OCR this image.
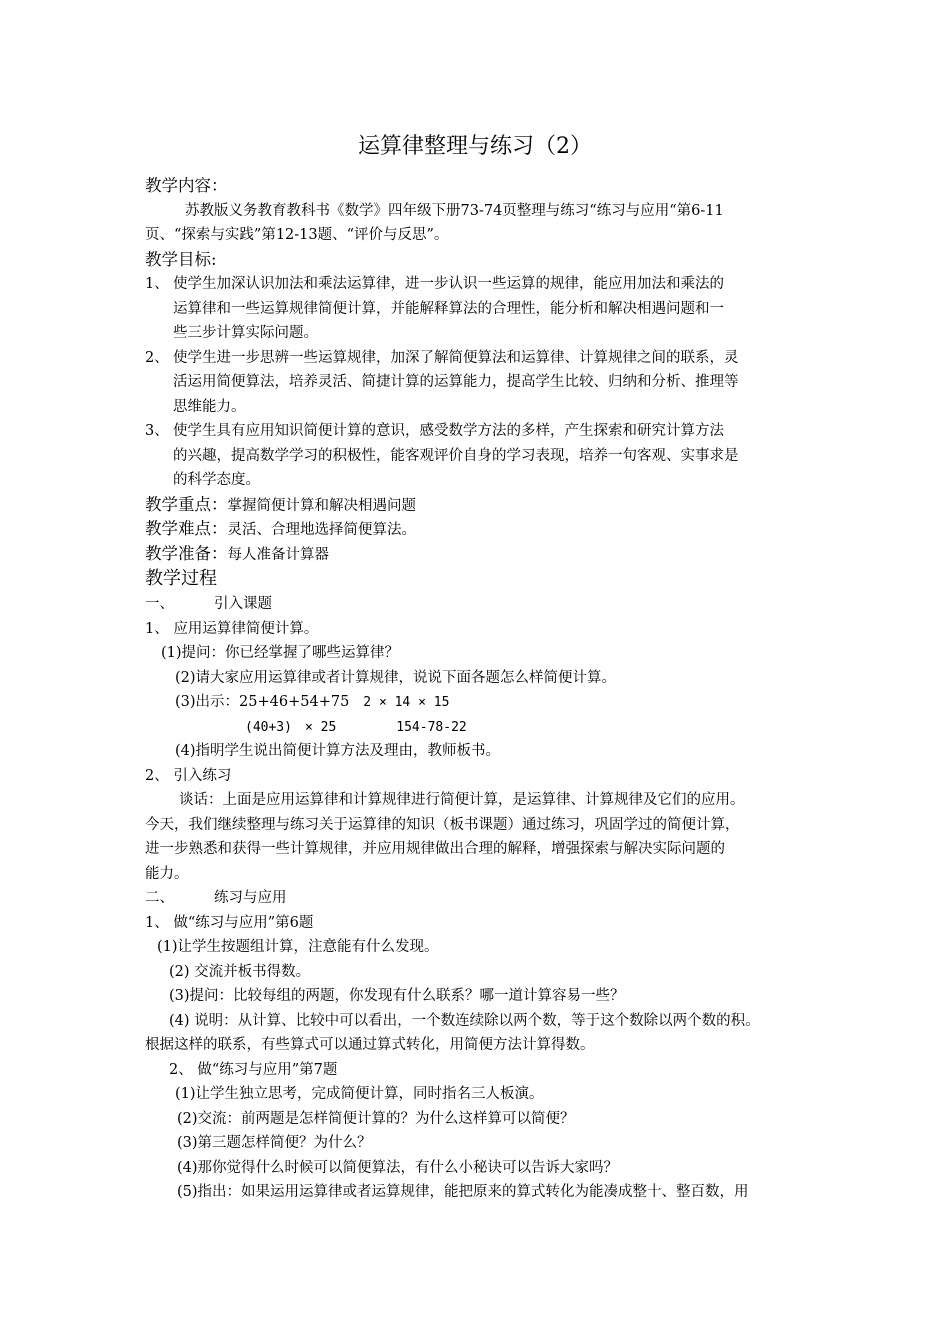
运算律整理与练习（2）
教学内容：
苏教版义务教育教科书《数学》四年级下册73-74页整理与练习“练习与应用“第6-11
页、“探索与实践”第12-13题、“评价与反思”。
教学目标:
1、 使学生加深认识加法和乘法运算律，进一步认识一些运算的规律，能应用加法和乘法的
运算律和一些运算规律简便计算，并能解释算法的合理性，能分析和解决相遇问题和一
些三步计算实际问题。
2、 使学生进一步思辨一些运算规律，加深了解简便算法和运算律、计算规律之间的联系，灵
活运用简便算法，培养灵活、简捷计算的运算能力，提高学生比较、归纳和分析、推理等
思维能力。
3、 使学生具有应用知识简便计算的意识，感受数学方法的多样，产生探索和研究计算方法
的兴趣，提高数学学习的积极性，能客观评价自身的学习表现，培养一句客观、实事求是
的科学态度。
教学重点：掌握简便计算和解决相遇问题
教学难点：灵活、合理地选择简便算法。
教学准备：每人准备计算器
教学过程
一、	引入课题
1、 应用运算律简便计算。
(1)提问：你已经掌握了哪些运算律？
(2)请大家应用运算律或者计算规律，说说下面各题怎么样简便计算。
(3)出示：25+46+54+75 2 × 14 × 15
(40+3)　× 25	154-78-22
(4)指明学生说出简便计算方法及理由，教师板书。
2、 引入练习
谈话：上面是应用运算律和计算规律进行简便计算，是运算律、计算规律及它们的应用。
今天，我们继续整理与练习关于运算律的知识（板书课题）通过练习，巩固学过的简便计算，
进一步熟悉和获得一些计算规律，并应用规律做出合理的解释，增强探索与解决实际问题的
能力。
二、	练习与应用
1、 做“练习与应用”第6题
(1)让学生按题组计算，注意能有什么发现。
(2) 交流并板书得数。
(3)提问：比较每组的两题，你发现有什么联系？哪一道计算容易一些？
(4) 说明：从计算、比较中可以看出，一个数连续除以两个数，等于这个数除以两个数的积。
根据这样的联系，有些算式可以通过算式转化，用简便方法计算得数。
2、 做“练习与应用”第7题
(1)让学生独立思考，完成简便计算，同时指名三人板演。
(2)交流：前两题是怎样简便计算的？为什么这样算可以简便？
(3)第三题怎样简便？为什么？
(4)那你觉得什么时候可以简便算法，有什么小秘诀可以告诉大家吗？
(5)指出：如果运用运算律或者运算规律，能把原来的算式转化为能凑成整十、整百数，用
